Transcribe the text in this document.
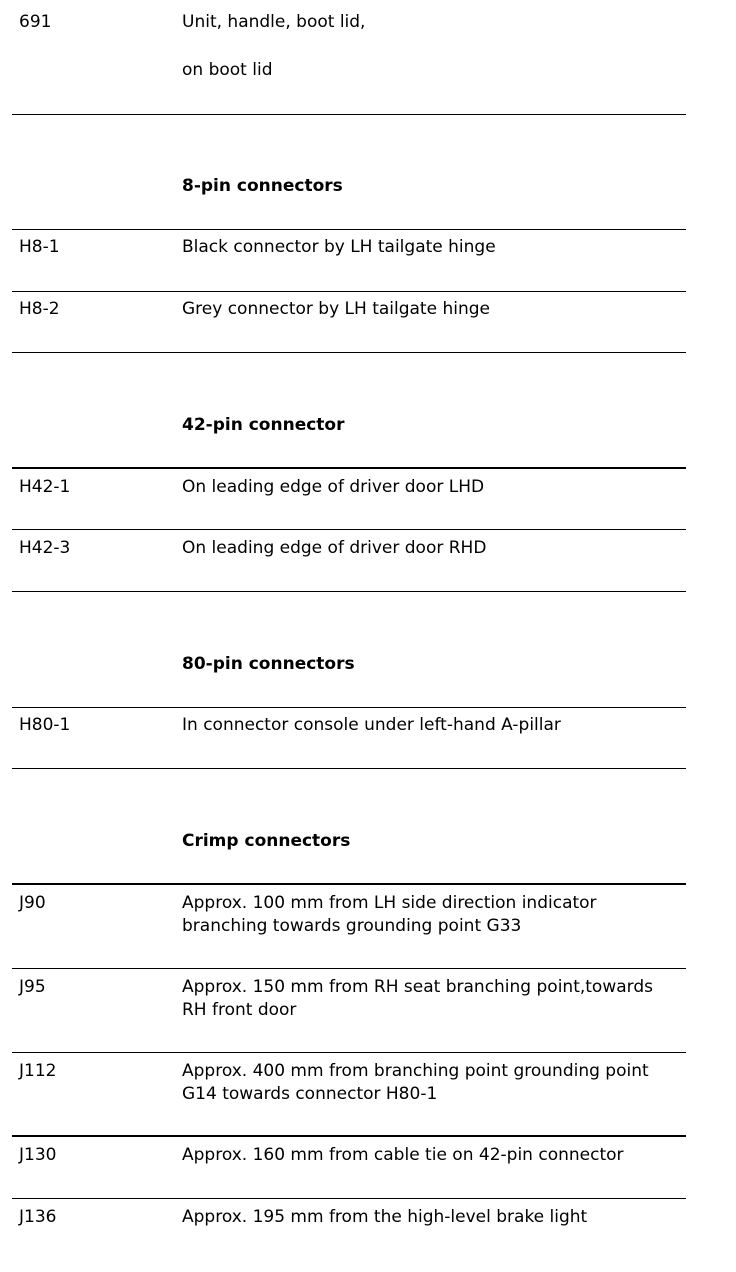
691	Unit, handle, boot lid,
on boot lid
8-pin connectors
H8-1	Black connector by LH tailgate hinge
H8-2	Grey connector by LH tailgate hinge
42-pin connector
H42-1	On leading edge of driver door LHD
H42-3	On leading edge of driver door RHD
80-pin connectors
H80-1	In connector console under left-hand A-pillar
Crimp connectors
J90	Approx. 100 mm from LH side direction indicator
branching towards grounding point G33
J95	Approx. 150 mm from RH seat branching point,towards
RH front door
J112	Approx. 400 mm from branching point grounding point
G14 towards connector H80-1
J130	Approx. 160 mm from cable tie on 42-pin connector
J136	Approx. 195 mm from the high-level brake light
